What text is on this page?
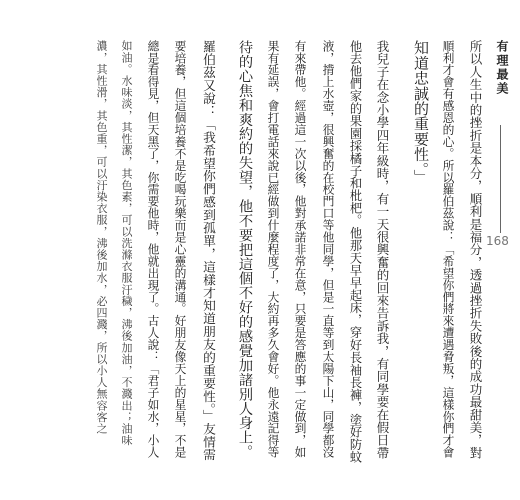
有理最美
168
所以人生中的挫折是本分，順利是福分，透過挫折失敗後的成功最甜美，對
順利才會有感恩的心。所以羅伯茲說：「希望你們將來遭遇脅叛，這樣你們才會
知道忠誠的重要性。」
我兒子在念小學四年級時，有一天很興奮的回來告訴我，有同學要在假日帶
他去他們家的果園採橘子和枇杷。他那天早早起床，穿好長袖長褲，塗好防蚊
液，揹上水壺，很興奮的在校門口等他同學，但是一直等到太陽下山，同學都沒
有來帶他。經過這一次以後，他對承諾非常在意，只要是答應的事一定做到，如
果有延誤，會打電話來說已經做到什麼程度了，大約再多久會好。他永遠記得等
待的心焦和爽約的失望，他不要把這個不好的感覺加諸別人身上。
羅伯茲又說：「我希望你們感到孤單，這樣才知道朋友的重要性。」友情需
要培養，但這個培養不是吃喝玩樂而是心靈的溝通。好朋友像天上的星星，不是
總是看得見，但天黑了，你需要他時，他就出現了。古人說：「君子如水，小人
如油。水味淡，其性潔，其色素，可以洗滌衣服汙穢，沸後加油，不濺出；油味
濃，其性滑，其色重，可以汙染衣服，沸後加水，必四濺，所以小人無容客之
